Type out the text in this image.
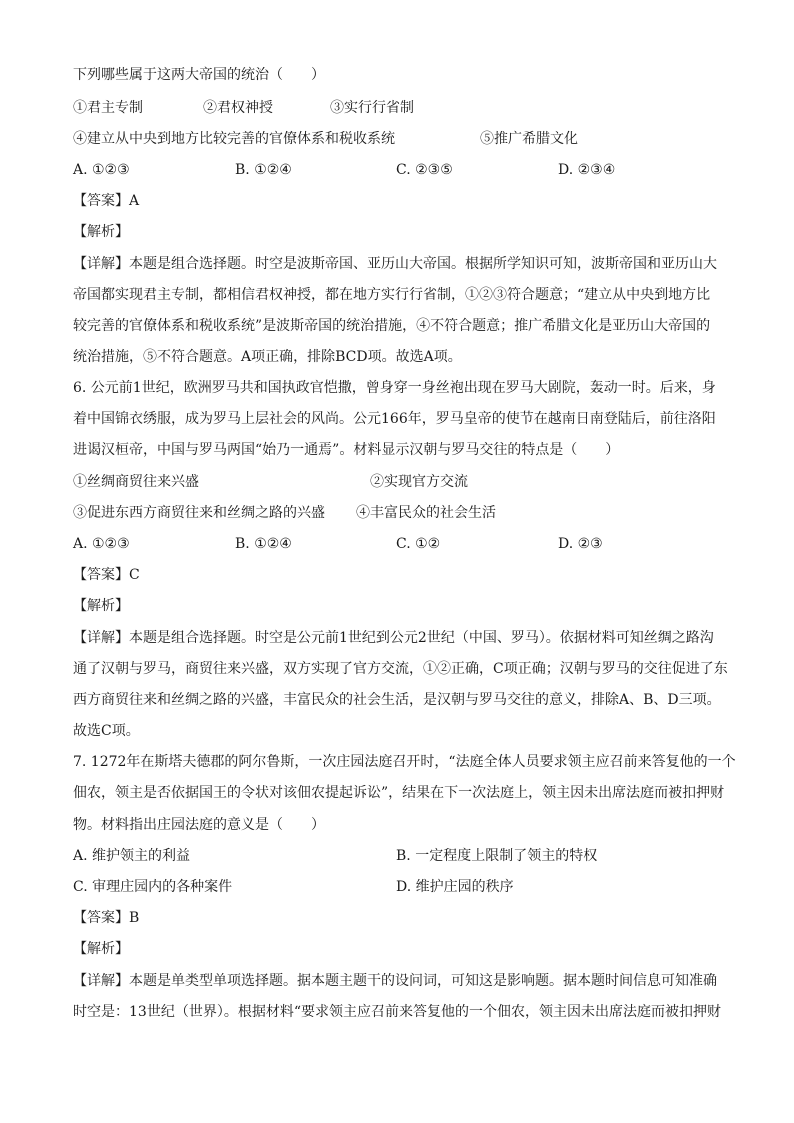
下列哪些属于这两大帝国的统治（　　）
①君主专制	②君权神授	③实行行省制
④建立从中央到地方比较完善的官僚体系和税收系统	⑤推广希腊文化
A. ①②③	B. ①②④	C. ②③⑤	D. ②③④
【答案】A
【解析】
【详解】本题是组合选择题。时空是波斯帝国、亚历山大帝国。根据所学知识可知，波斯帝国和亚历山大
帝国都实现君主专制，都相信君权神授，都在地方实行行省制，①②③符合题意；“建立从中央到地方比
较完善的官僚体系和税收系统”是波斯帝国的统治措施，④不符合题意；推广希腊文化是亚历山大帝国的
统治措施，⑤不符合题意。A项正确，排除BCD项。故选A项。
6. 公元前1世纪，欧洲罗马共和国执政官恺撒，曾身穿一身丝袍出现在罗马大剧院，轰动一时。后来，身
着中国锦衣绣服，成为罗马上层社会的风尚。公元166年，罗马皇帝的使节在越南日南登陆后，前往洛阳
进谒汉桓帝，中国与罗马两国“始乃一通焉”。材料显示汉朝与罗马交往的特点是（　　）
①丝绸商贸往来兴盛	②实现官方交流
③促进东西方商贸往来和丝绸之路的兴盛 ④丰富民众的社会生活
A. ①②③	B. ①②④	C. ①②	D. ②③
【答案】C
【解析】
【详解】本题是组合选择题。时空是公元前1世纪到公元2世纪（中国、罗马）。依据材料可知丝绸之路沟
通了汉朝与罗马，商贸往来兴盛，双方实现了官方交流，①②正确，C项正确；汉朝与罗马的交往促进了东
西方商贸往来和丝绸之路的兴盛，丰富民众的社会生活，是汉朝与罗马交往的意义，排除A、B、D三项。
故选C项。
7. 1272年在斯塔夫德郡的阿尔鲁斯，一次庄园法庭召开时，“法庭全体人员要求领主应召前来答复他的一个
佃农，领主是否依据国王的令状对该佃农提起诉讼”，结果在下一次法庭上，领主因未出席法庭而被扣押财
物。材料指出庄园法庭的意义是（　　）
A. 维护领主的利益	B. 一定程度上限制了领主的特权
C. 审理庄园内的各种案件	D. 维护庄园的秩序
【答案】B
【解析】
【详解】本题是单类型单项选择题。据本题主题干的设问词，可知这是影响题。据本题时间信息可知准确
时空是：13世纪（世界）。根据材料“要求领主应召前来答复他的一个佃农，领主因未出席法庭而被扣押财
